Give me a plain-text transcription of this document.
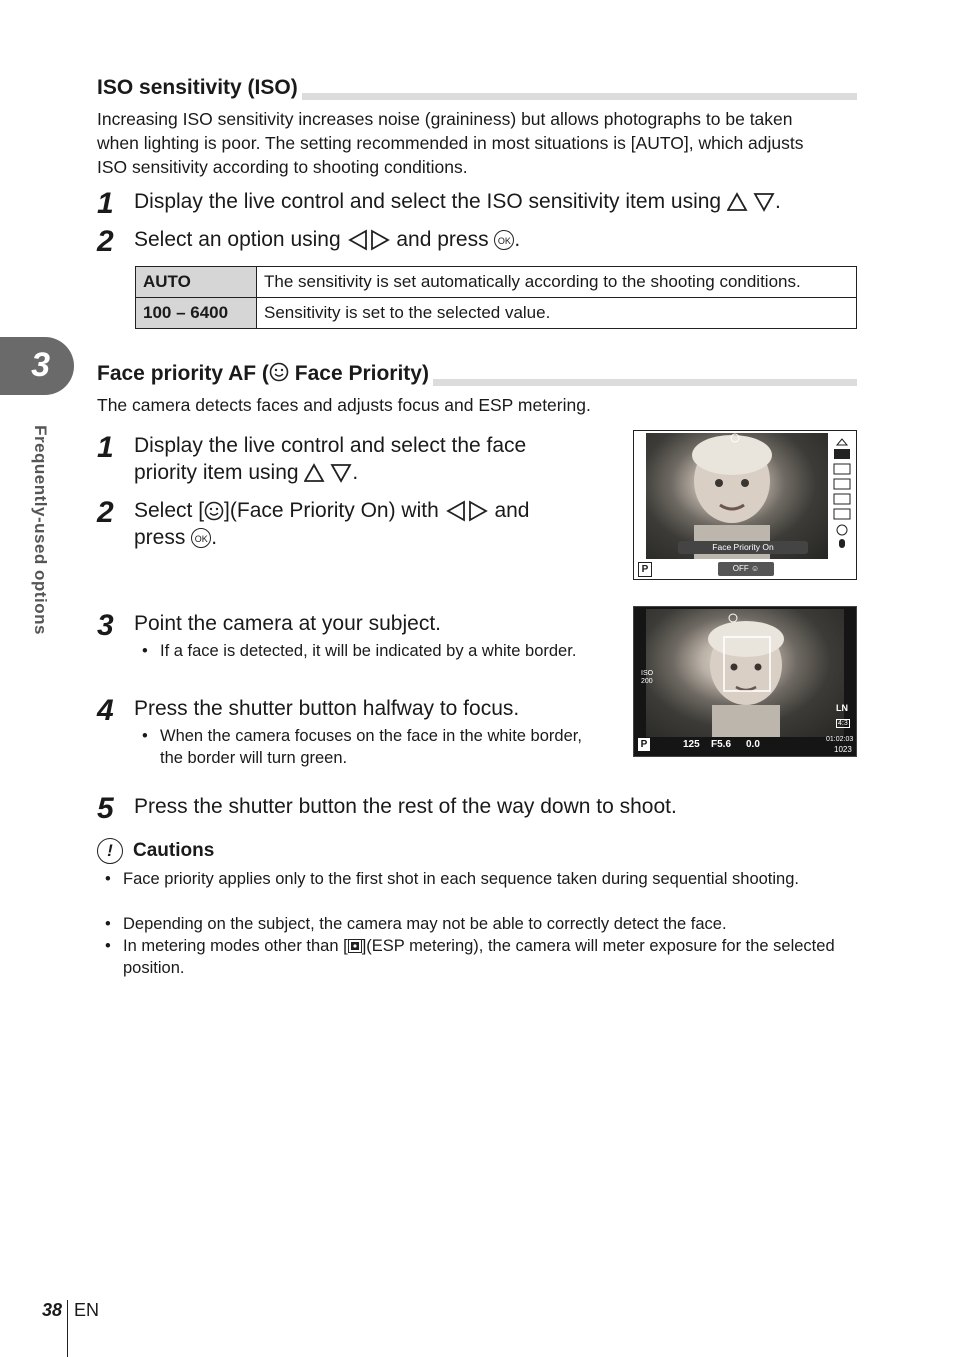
ISO sensitivity (ISO)
Increasing ISO sensitivity increases noise (graininess) but allows photographs to be taken when lighting is poor. The setting recommended in most situations is [AUTO], which adjusts ISO sensitivity according to shooting conditions.
1 Display the live control and select the ISO sensitivity item using	.
2 Select an option using	and press OK .
AUTO	The sensitivity is set automatically according to the shooting conditions.
100 – 6400	Sensitivity is set to the selected value.
3
Frequently-used options
Face priority AF ( Face Priority)
The camera detects faces and adjusts focus and ESP metering.
1 Display the live control and select the face
priority item using	.
2 Select [ ](Face Priority On) with	and
press OK .	Face Priority On
P	OFF ☺
3 Point the camera at your subject.
• If a face is detected, it will be indicated by a white border.
4 Press the shutter button halfway to focus.
• When the camera focuses on the face in the white border, the border will turn green.
ISO
200
LN
4:3
P	125 F5.6 0.0	01:02:03
1023
5 Press the shutter button the rest of the way down to shoot.
!	Cautions
• Face priority applies only to the first shot in each sequence taken during sequential shooting.
• Depending on the subject, the camera may not be able to correctly detect the face.
• In metering modes other than [ ](ESP metering), the camera will meter exposure for the selected position.
38 EN
